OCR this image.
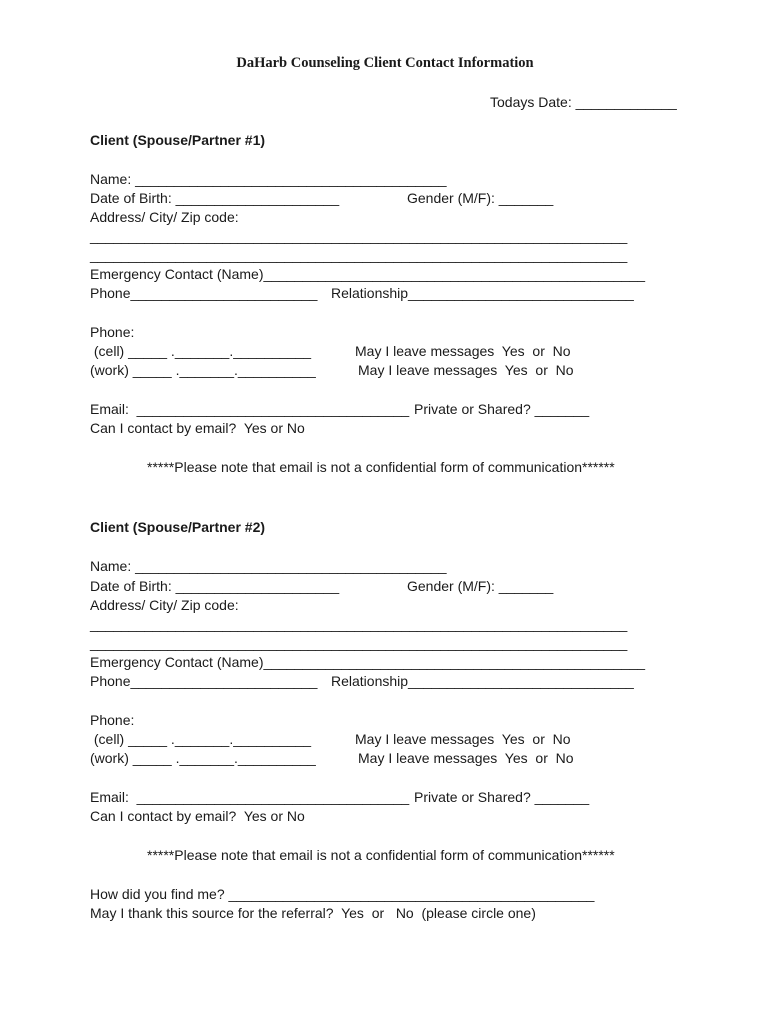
DaHarb Counseling Client Contact Information
Todays Date: _____________
Client (Spouse/Partner #1)
Name: ________________________________________
Date of Birth: _____________________	Gender (M/F): _______
Address/ City/ Zip code:
_____________________________________________________________________
_____________________________________________________________________
Emergency Contact (Name)_________________________________________________
Phone________________________ Relationship_____________________________
Phone:
(cell) _____ ._______.__________	May I leave messages  Yes  or  No
(work) _____ ._______.__________	May I leave messages  Yes  or  No
Email:  ___________________________________ Private or Shared? _______
Can I contact by email?  Yes or No
*****Please note that email is not a confidential form of communication******
Client (Spouse/Partner #2)
Name: ________________________________________
Date of Birth: _____________________	Gender (M/F): _______
Address/ City/ Zip code:
_____________________________________________________________________
_____________________________________________________________________
Emergency Contact (Name)_________________________________________________
Phone________________________ Relationship_____________________________
Phone:
(cell) _____ ._______.__________	May I leave messages  Yes  or  No
(work) _____ ._______.__________	May I leave messages  Yes  or  No
Email:  ___________________________________ Private or Shared? _______
Can I contact by email?  Yes or No
*****Please note that email is not a confidential form of communication******
How did you find me? _______________________________________________
May I thank this source for the referral?  Yes  or   No  (please circle one)
